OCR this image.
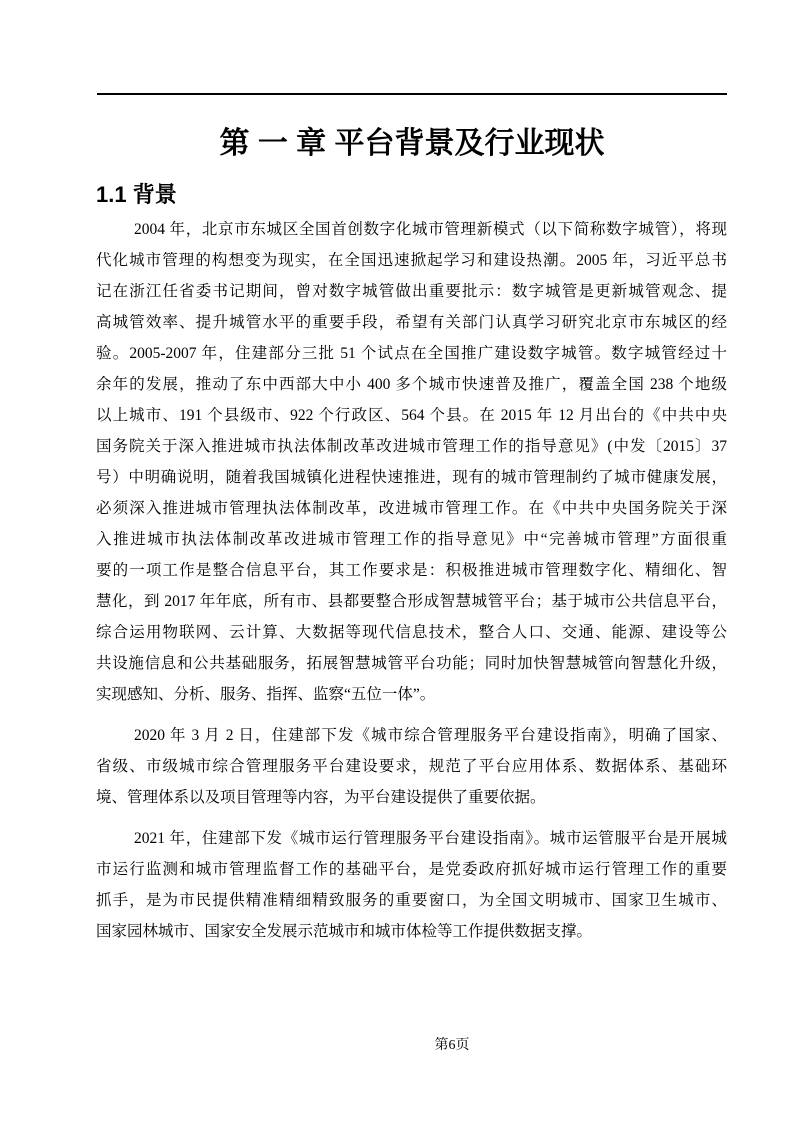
第 一 章 平台背景及行业现状
1.1 背景
2004 年，北京市东城区全国首创数字化城市管理新模式（以下简称数字城管），将现
代化城市管理的构想变为现实，在全国迅速掀起学习和建设热潮。2005 年，习近平总书
记在浙江任省委书记期间，曾对数字城管做出重要批示：数字城管是更新城管观念、提
高城管效率、提升城管水平的重要手段，希望有关部门认真学习研究北京市东城区的经
验。2005-2007 年，住建部分三批 51 个试点在全国推广建设数字城管。数字城管经过十
余年的发展，推动了东中西部大中小 400 多个城市快速普及推广，覆盖全国 238 个地级
以上城市、191 个县级市、922 个行政区、564 个县。在 2015 年 12 月出台的《中共中央
国务院关于深入推进城市执法体制改革改进城市管理工作的指导意见》(中发〔2015〕37
号）中明确说明，随着我国城镇化进程快速推进，现有的城市管理制约了城市健康发展，
必须深入推进城市管理执法体制改革，改进城市管理工作。在《中共中央国务院关于深
入推进城市执法体制改革改进城市管理工作的指导意见》中“完善城市管理”方面很重
要的一项工作是整合信息平台，其工作要求是：积极推进城市管理数字化、精细化、智
慧化，到 2017 年年底，所有市、县都要整合形成智慧城管平台；基于城市公共信息平台，
综合运用物联网、云计算、大数据等现代信息技术，整合人口、交通、能源、建设等公
共设施信息和公共基础服务，拓展智慧城管平台功能；同时加快智慧城管向智慧化升级，
实现感知、分析、服务、指挥、监察“五位一体”。
2020 年 3 月 2 日，住建部下发《城市综合管理服务平台建设指南》，明确了国家、
省级、市级城市综合管理服务平台建设要求，规范了平台应用体系、数据体系、基础环
境、管理体系以及项目管理等内容，为平台建设提供了重要依据。
2021 年，住建部下发《城市运行管理服务平台建设指南》。城市运管服平台是开展城
市运行监测和城市管理监督工作的基础平台，是党委政府抓好城市运行管理工作的重要
抓手，是为市民提供精准精细精致服务的重要窗口，为全国文明城市、国家卫生城市、
国家园林城市、国家安全发展示范城市和城市体检等工作提供数据支撑。
第6页
